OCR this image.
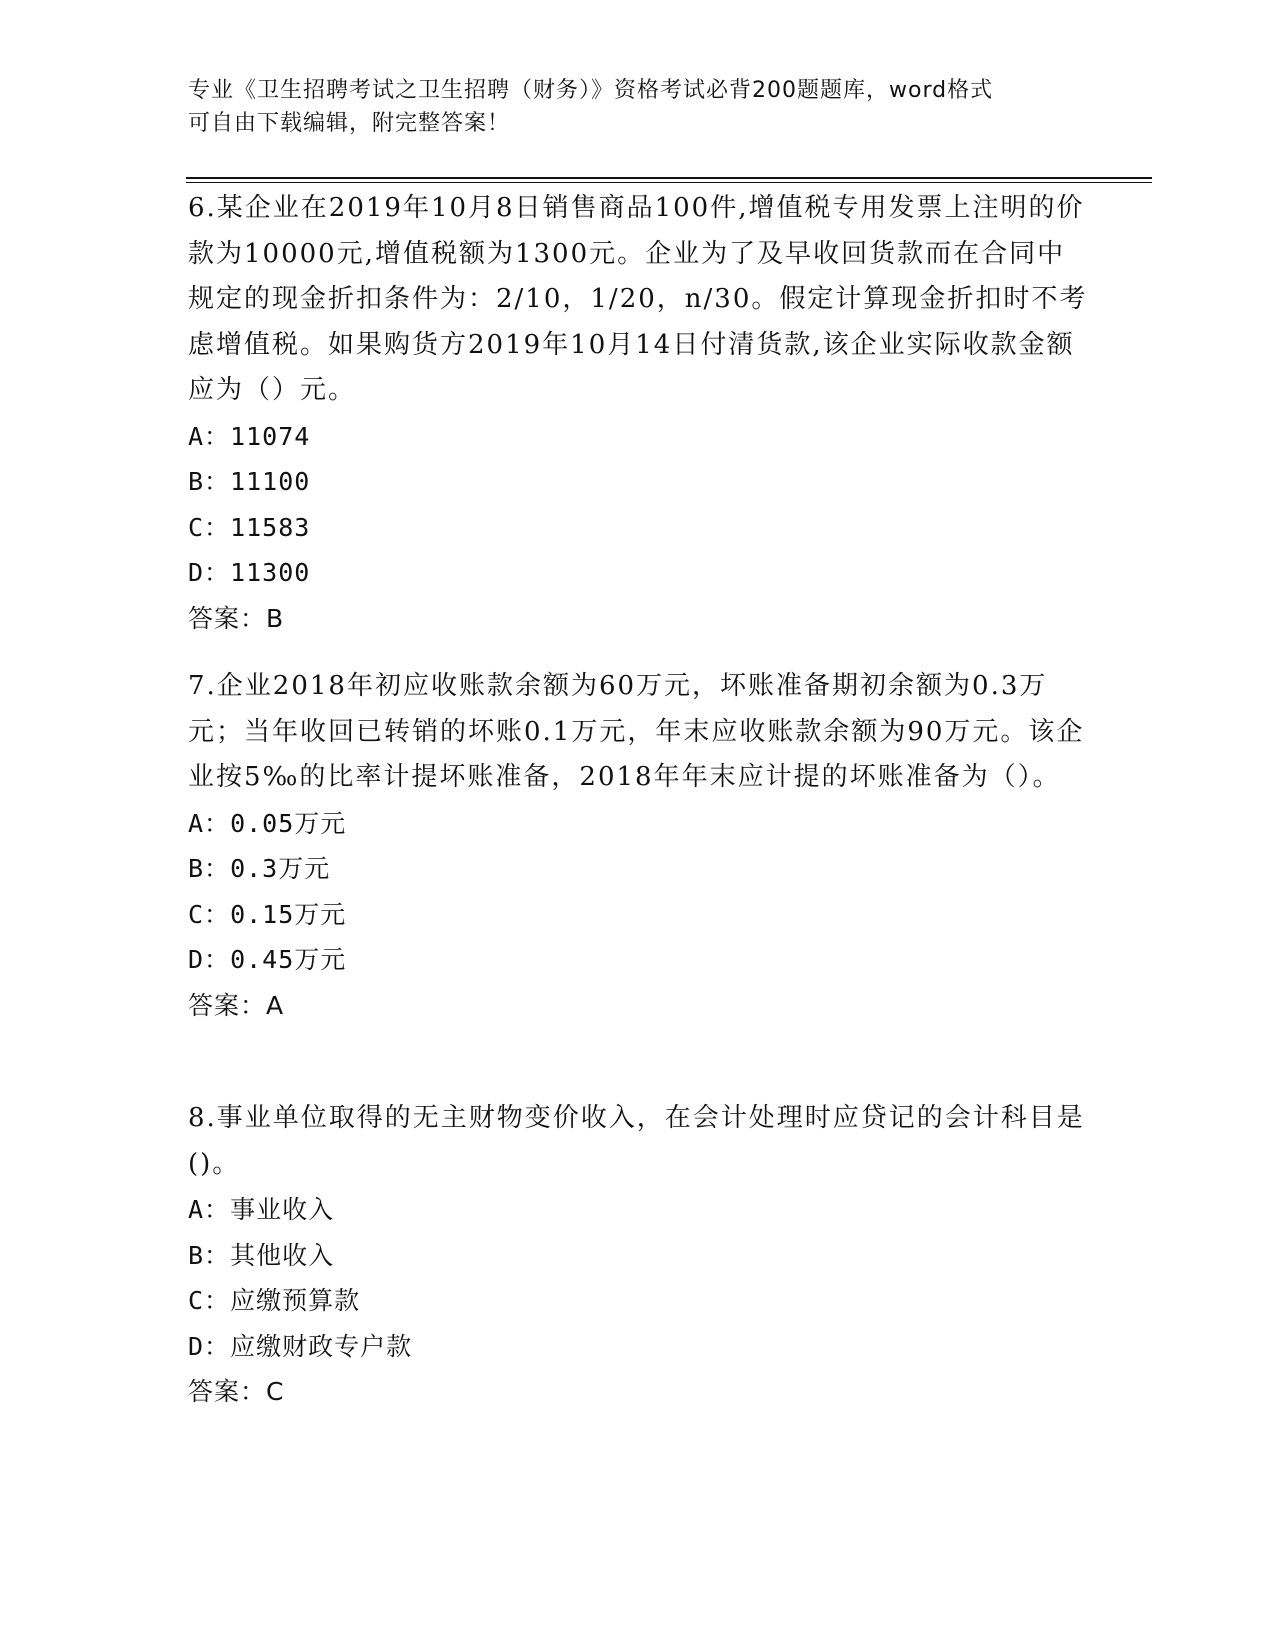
专业《卫生招聘考试之卫生招聘（财务）》资格考试必背200题题库，word格式
可自由下载编辑，附完整答案！

6.某企业在2019年10月8日销售商品100件,增值税专用发票上注明的价款为10000元,增值税额为1300元。企业为了及早收回货款而在合同中规定的现金折扣条件为：2/10，1/20，n/30。假定计算现金折扣时不考虑增值税。如果购货方2019年10月14日付清货款,该企业实际收款金额应为（）元。

A：11074

B：11100

C：11583

D：11300

答案：B

7.企业2018年初应收账款余额为60万元，坏账准备期初余额为0.3万元；当年收回已转销的坏账0.1万元，年末应收账款余额为90万元。该企业按5‰的比率计提坏账准备，2018年年末应计提的坏账准备为（）。

A：0.05万元

B：0.3万元

C：0.15万元

D：0.45万元

答案：A

8.事业单位取得的无主财物变价收入，在会计处理时应贷记的会计科目是()。

A：事业收入

B：其他收入

C：应缴预算款

D：应缴财政专户款

答案：C
